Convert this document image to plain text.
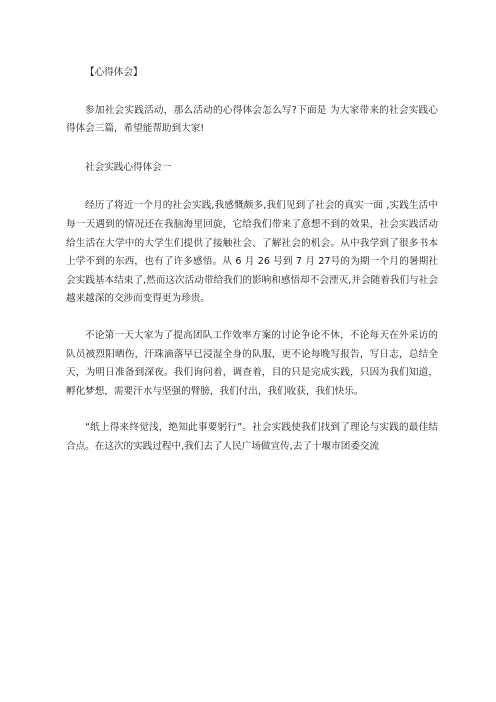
【心得体会】

参加社会实践活动，那么活动的心得体会怎么写?下面是 为大家带来的社会实践心得体会三篇，希望能帮助到大家!

社会实践心得体会一

经历了将近一个月的社会实践,我感慨颇多,我们见到了社会的真实一面 ,实践生活中每一天遇到的情况还在我脑海里回旋，它给我们带来了意想不到的效果，社会实践活动给生活在大学中的大学生们提供了接触社会、了解社会的机会。从中我学到了很多书本上学不到的东西，也有了许多感悟。从 6 月 26 号到 7 月 27号的为期一个月的暑期社会实践基本结束了,然而这次活动带给我们的影响和感悟却不会湮灭,并会随着我们与社会越来越深的交涉而变得更为珍贵。

不论第一天大家为了提高团队工作效率方案的讨论争论不休，不论每天在外采访的队员被烈阳晒伤，汗珠滴落早已浸湿全身的队服，更不论每晚写报告，写日志，总结全天，为明日准备到深夜。我们询问着，调查着，目的只是完成实践，只因为我们知道，孵化梦想，需要汗水与坚强的臂膀，我们付出，我们收获，我们快乐。

“纸上得来终觉浅，绝知此事要躬行”。社会实践使我们找到了理论与实践的最佳结合点。在这次的实践过程中,我们去了人民广场做宣传,去了十堰市团委交流
